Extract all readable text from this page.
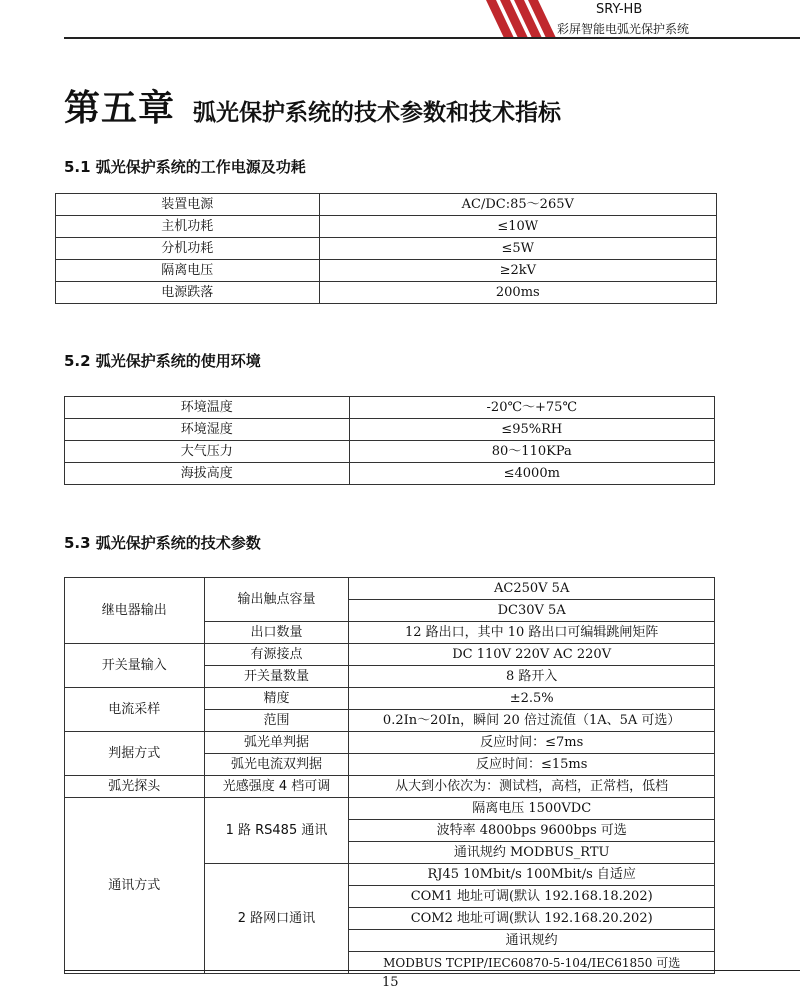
SRY-HB
彩屏智能电弧光保护系统
第五章 弧光保护系统的技术参数和技术指标
5.1 弧光保护系统的工作电源及功耗
装置电源	AC/DC:85～265V
主机功耗	≤10W
分机功耗	≤5W
隔离电压	≥2kV
电源跌落	200ms
5.2 弧光保护系统的使用环境
环境温度	-20℃～+75℃
环境湿度	≤95%RH
大气压力	80～110KPa
海拔高度	≤4000m
5.3 弧光保护系统的技术参数
继电器输出	输出触点容量	AC250V 5A
		DC30V 5A
	出口数量	12 路出口，其中 10 路出口可编辑跳闸矩阵
开关量输入	有源接点	DC 110V 220V AC 220V
	开关量数量	8 路开入
电流采样	精度	±2.5%
	范围	0.2In～20In，瞬间 20 倍过流值（1A、5A 可选）
判据方式	弧光单判据	反应时间：≤7ms
	弧光电流双判据	反应时间：≤15ms
弧光探头	光感强度 4 档可调	从大到小依次为：测试档，高档，正常档，低档
通讯方式	1 路 RS485 通讯	隔离电压 1500VDC
		波特率 4800bps 9600bps 可选
		通讯规约 MODBUS_RTU
	2 路网口通讯	RJ45 10Mbit/s 100Mbit/s 自适应
		COM1 地址可调(默认 192.168.18.202)
		COM2 地址可调(默认 192.168.20.202)
		通讯规约
		MODBUS TCPIP/IEC60870-5-104/IEC61850 可选
15
